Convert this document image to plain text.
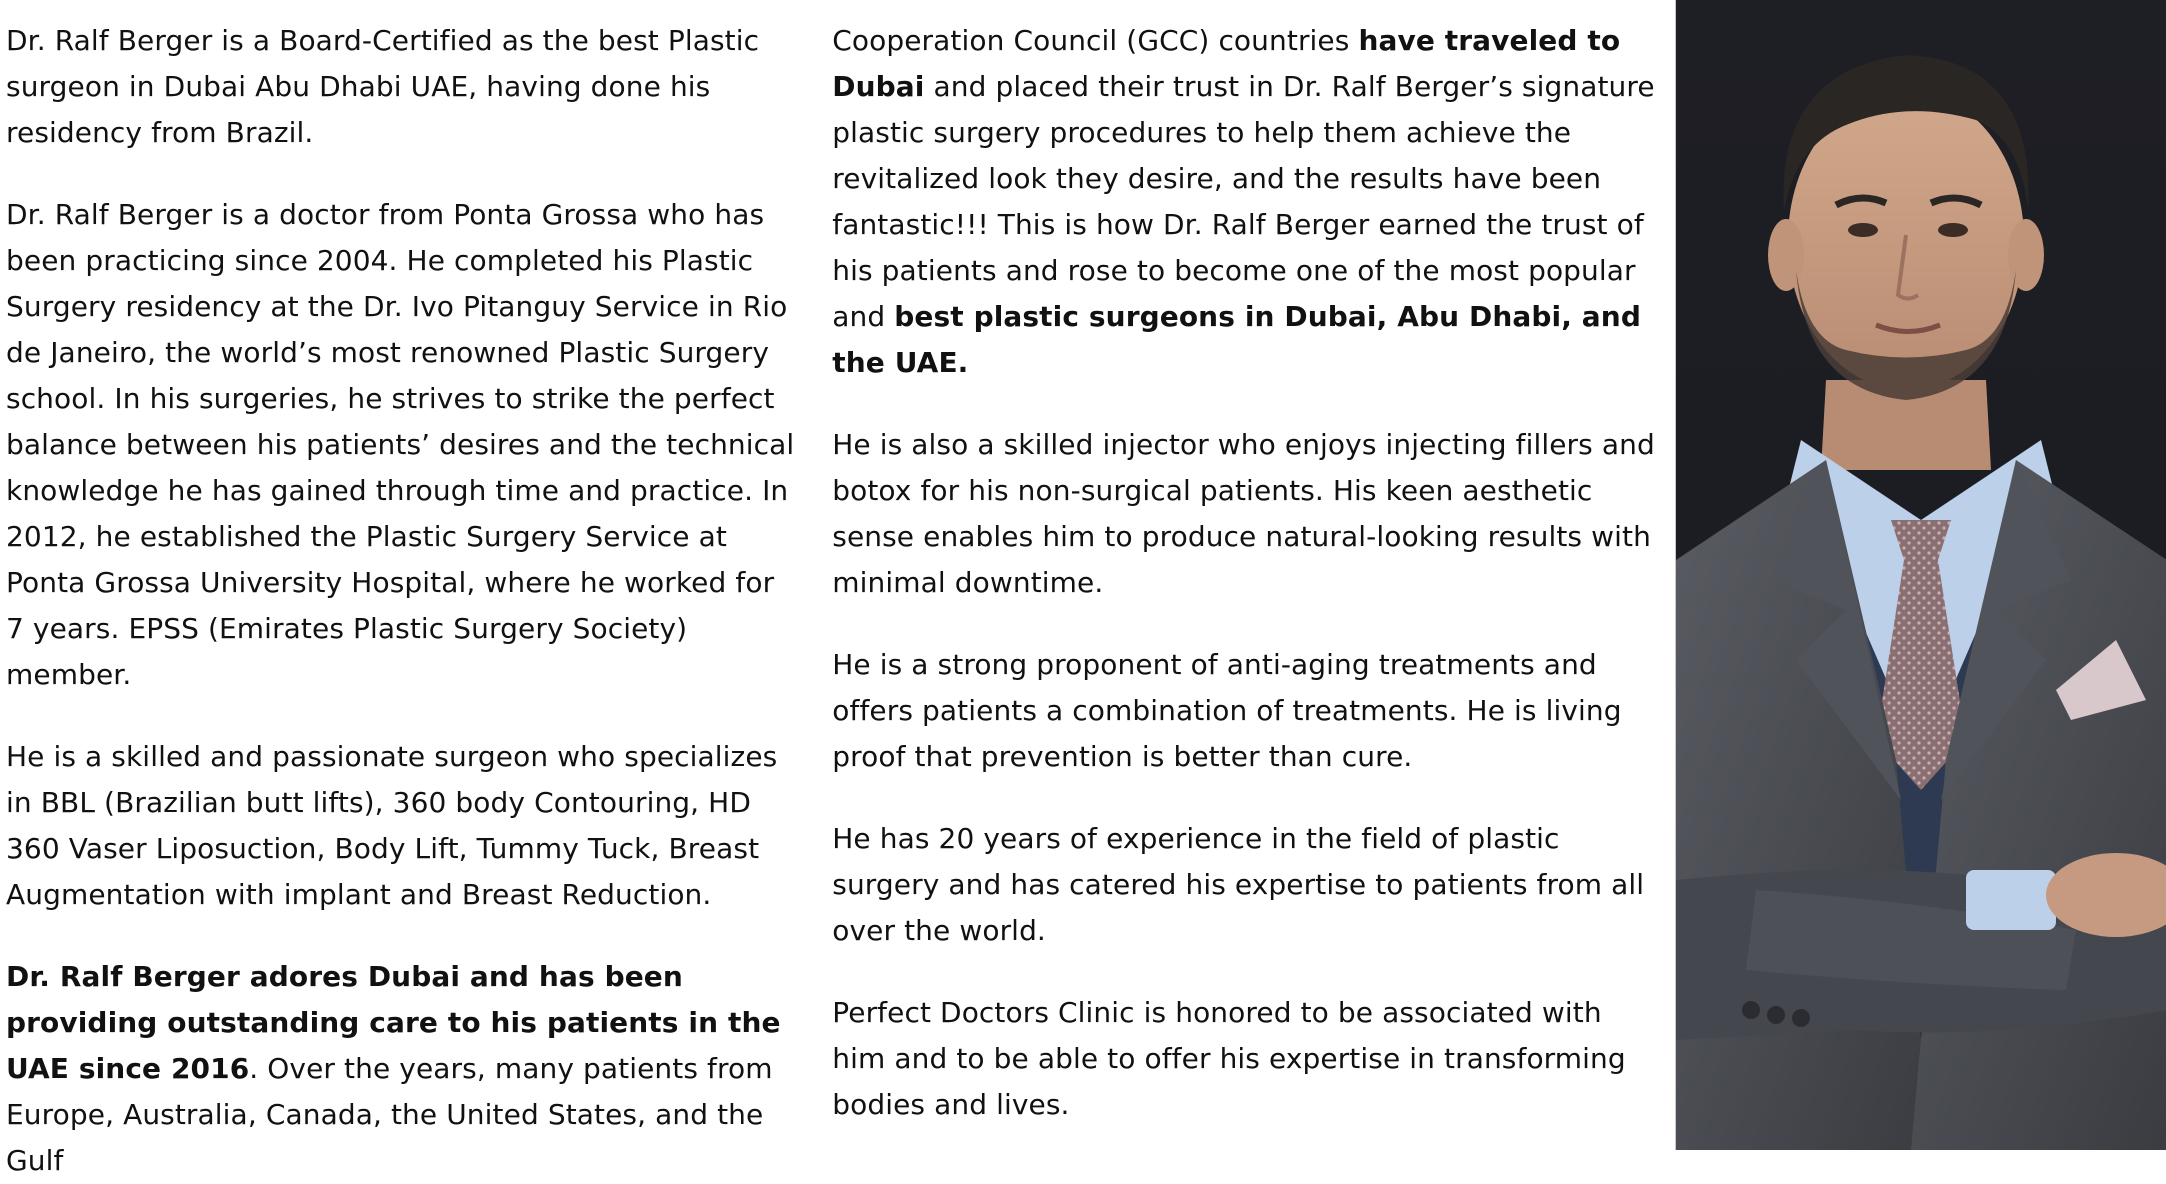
Dr. Ralf Berger is a Board-Certified as the best Plastic surgeon in Dubai Abu Dhabi UAE, having done his residency from Brazil.

Dr. Ralf Berger is a doctor from Ponta Grossa who has been practicing since 2004. He completed his Plastic Surgery residency at the Dr. Ivo Pitanguy Service in Rio de Janeiro, the world’s most renowned Plastic Surgery school. In his surgeries, he strives to strike the perfect balance between his patients’ desires and the technical knowledge he has gained through time and practice. In 2012, he established the Plastic Surgery Service at Ponta Grossa University Hospital, where he worked for 7 years. EPSS (Emirates Plastic Surgery Society) member.

He is a skilled and passionate surgeon who specializes in BBL (Brazilian butt lifts), 360 body Contouring, HD 360 Vaser Liposuction, Body Lift, Tummy Tuck, Breast Augmentation with implant and Breast Reduction.

Dr. Ralf Berger adores Dubai and has been providing outstanding care to his patients in the UAE since 2016. Over the years, many patients from Europe, Australia, Canada, the United States, and the Gulf

Cooperation Council (GCC) countries have traveled to Dubai and placed their trust in Dr. Ralf Berger’s signature plastic surgery procedures to help them achieve the revitalized look they desire, and the results have been fantastic!!! This is how Dr. Ralf Berger earned the trust of his patients and rose to become one of the most popular and best plastic surgeons in Dubai, Abu Dhabi, and the UAE.

He is also a skilled injector who enjoys injecting fillers and botox for his non-surgical patients. His keen aesthetic sense enables him to produce natural-looking results with minimal downtime.

He is a strong proponent of anti-aging treatments and offers patients a combination of treatments. He is living proof that prevention is better than cure.

He has 20 years of experience in the field of plastic surgery and has catered his expertise to patients from all over the world.

Perfect Doctors Clinic is honored to be associated with him and to be able to offer his expertise in transforming bodies and lives.
